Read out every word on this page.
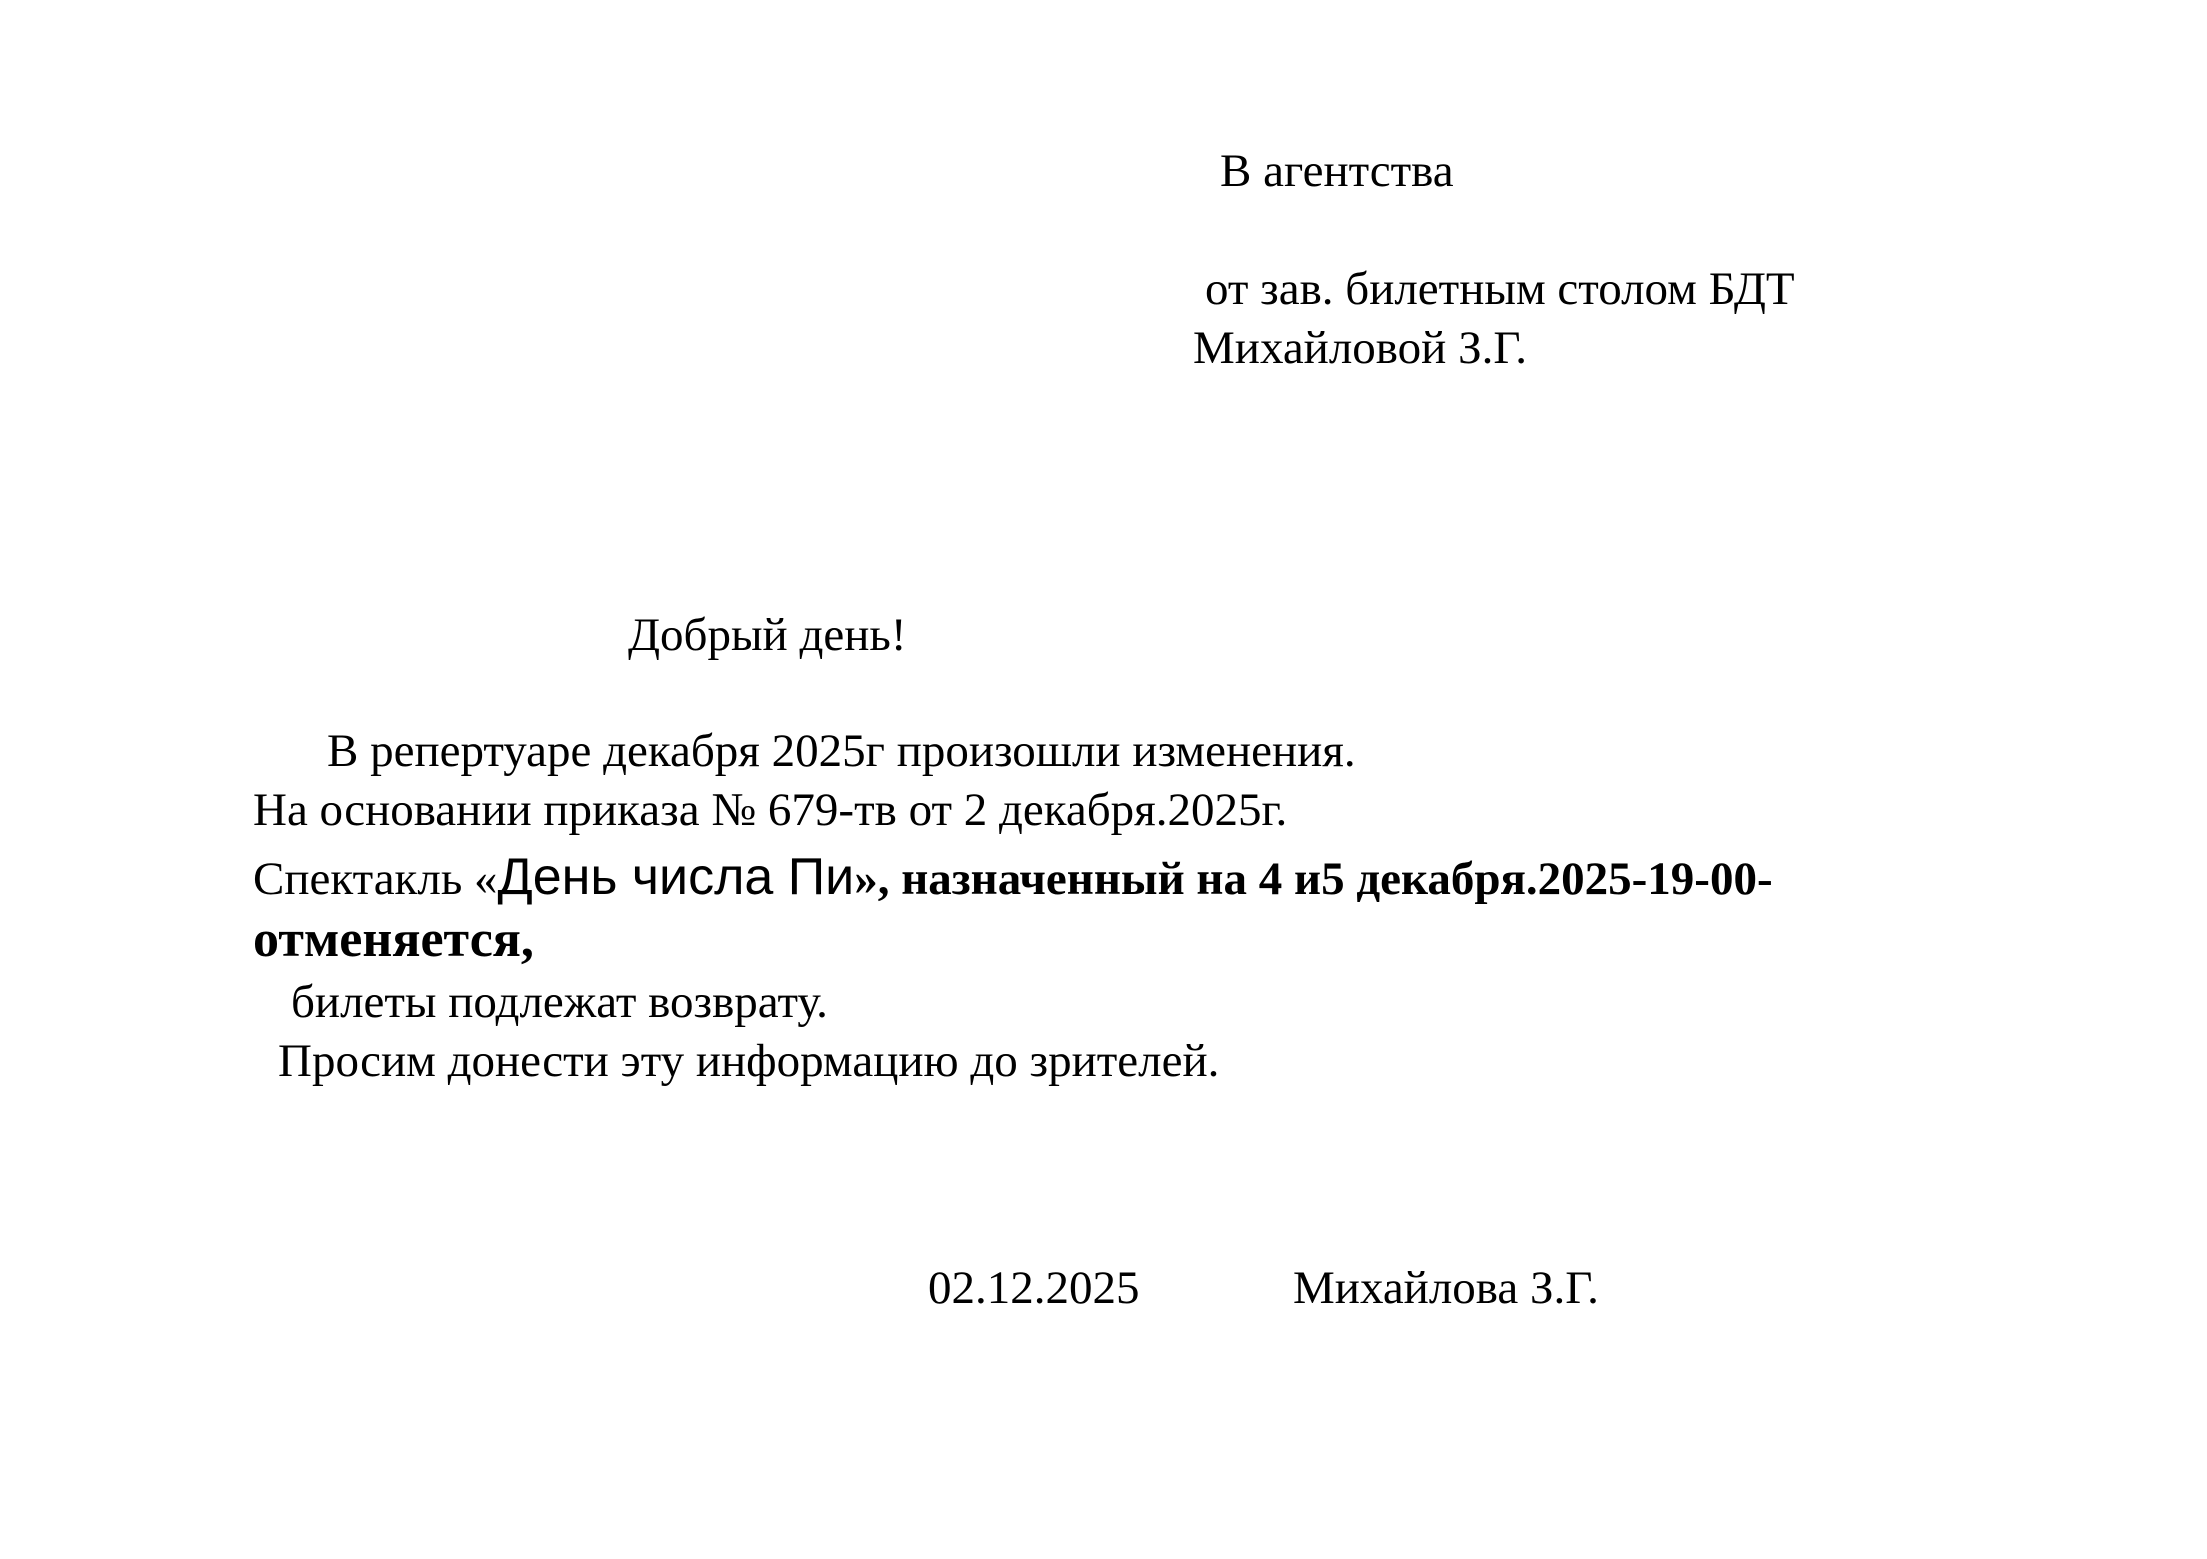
В агентства
от зав. билетным столом БДТ
Михайловой З.Г.
Добрый день!
В репертуаре декабря 2025г произошли изменения.
На основании приказа № 679-тв от 2 декабря.2025г.
Спектакль «День числа Пи», назначенный на 4 и5 декабря.2025-19-00-
отменяется,
билеты подлежат возврату.
Просим донести эту информацию до зрителей.
02.12.2025	Михайлова З.Г.
